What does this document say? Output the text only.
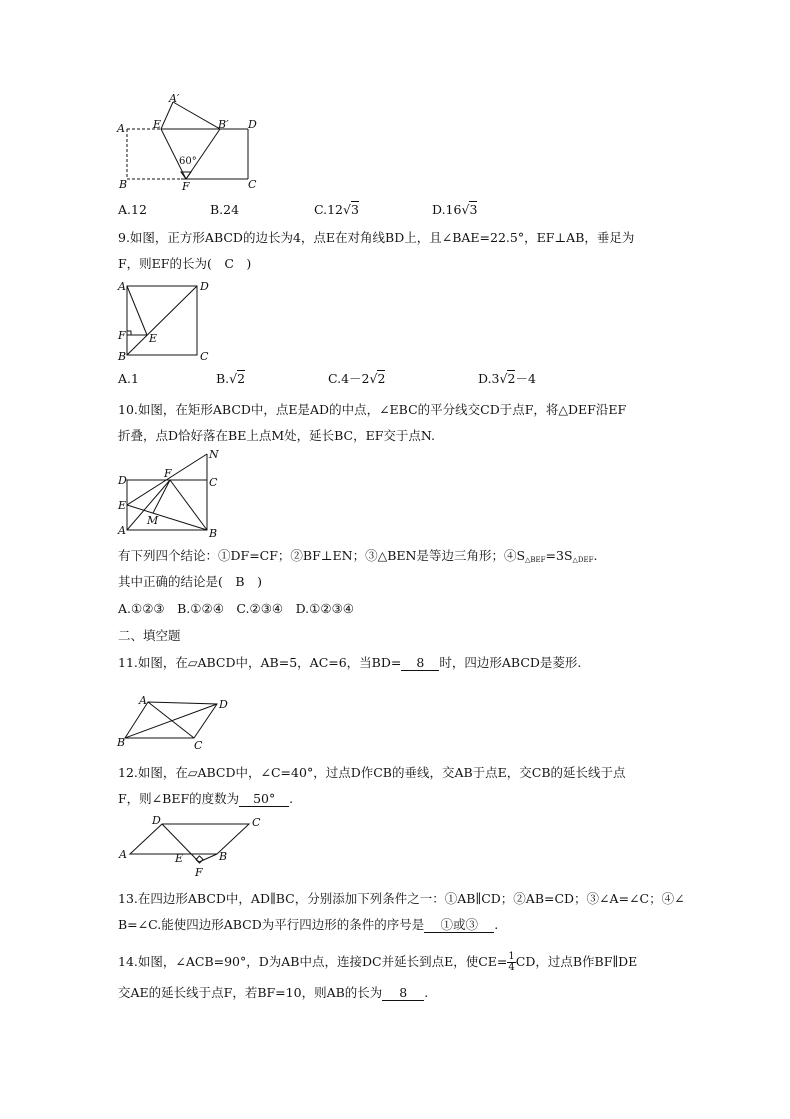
A′
A	E	B′ D
60°
B	F	C
A.12	B.24	C.12√3	D.16√3
9.如图，正方形ABCD的边长为4，点E在对角线BD上，且∠BAE=22.5°，EF⊥AB，垂足为
F，则EF的长为(　C　)
A	D
F E
B	C
A.1	B.√2	C.4－2√2	D.3√2－4
10.如图，在矩形ABCD中，点E是AD的中点，∠EBC的平分线交CD于点F，将△DEF沿EF
折叠，点D恰好落在BE上点M处，延长BC，EF交于点N.
N
D
F
C
E
M
A	B
有下列四个结论：①DF=CF；②BF⊥EN；③△BEN是等边三角形；$④S_{\triangle BEF}=3S_{\triangle DEF}$.
其中正确的结论是(　B　)
A.①②③　B.①②④　C.②③④　D.①②③④
二、填空题
11.如图，在▱ABCD中，AB=5，AC=6，当BD= 8 时，四边形ABCD是菱形.
A	D
B	C
12.如图，在▱ABCD中，∠C=40°，过点D作CB的垂线，交AB于点E，交CB的延长线于点
F，则∠BEF的度数为 50° .
D	C
A	E	B
F
13.在四边形ABCD中，AD∥BC，分别添加下列条件之一：①AB∥CD；②AB=CD；③∠A=∠C；④∠
B=∠C.能使四边形ABCD为平行四边形的条件的序号是 ①或③ .
14.如图，∠ACB=90°，D为AB中点，连接DC并延长到点E，使$CE= \frac{1}{4}$ CD，过点B作BF∥DE
交AE的延长线于点F，若BF=10，则AB的长为 8 .
